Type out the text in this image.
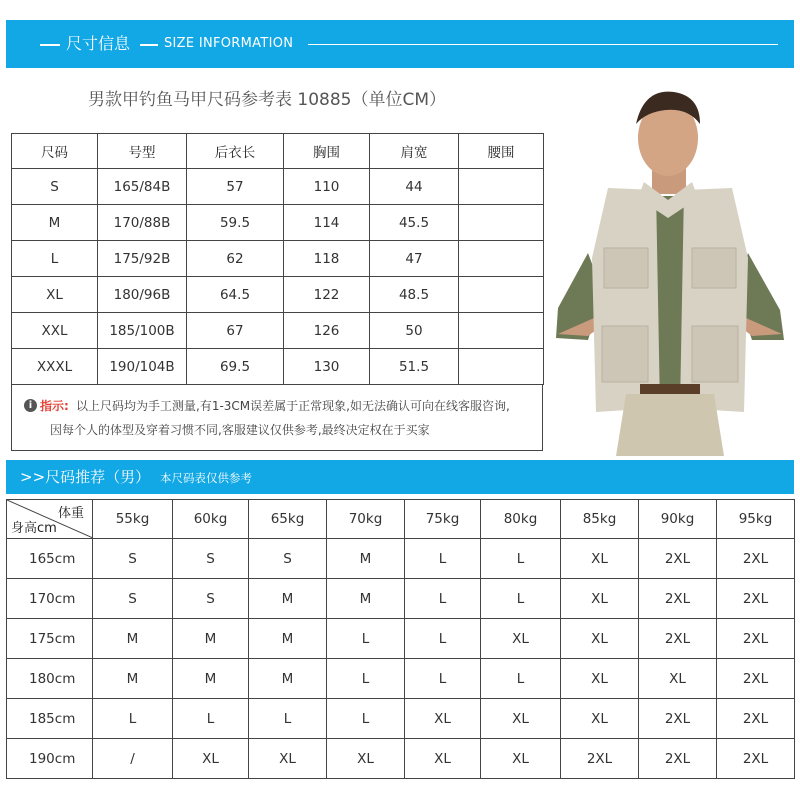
尺寸信息	SIZE INFORMATION
男款甲钓鱼马甲尺码参考表 10885（单位CM）
尺码	号型	后衣长	胸围	肩宽	腰围
S	165/84B	57	110	44	
M	170/88B	59.5	114	45.5	
L	175/92B	62	118	47	
XL	180/96B	64.5	122	48.5	
XXL	185/100B	67	126	50	
XXXL	190/104B	69.5	130	51.5	
i 指示: 以上尺码均为手工测量,有1-3CM误差属于正常现象,如无法确认可向在线客服咨询,
因每个人的体型及穿着习惯不同,客服建议仅供参考,最终决定权在于买家
>>尺码推荐（男） 本尺码表仅供参考
体重
身高cm	55kg	60kg	65kg	70kg	75kg	80kg	85kg	90kg	95kg
165cm	S	S	S	M	L	L	XL	2XL	2XL
170cm	S	S	M	M	L	L	XL	2XL	2XL
175cm	M	M	M	L	L	XL	XL	2XL	2XL
180cm	M	M	M	L	L	L	XL	XL	2XL
185cm	L	L	L	L	XL	XL	XL	2XL	2XL
190cm	/	XL	XL	XL	XL	XL	2XL	2XL	2XL
